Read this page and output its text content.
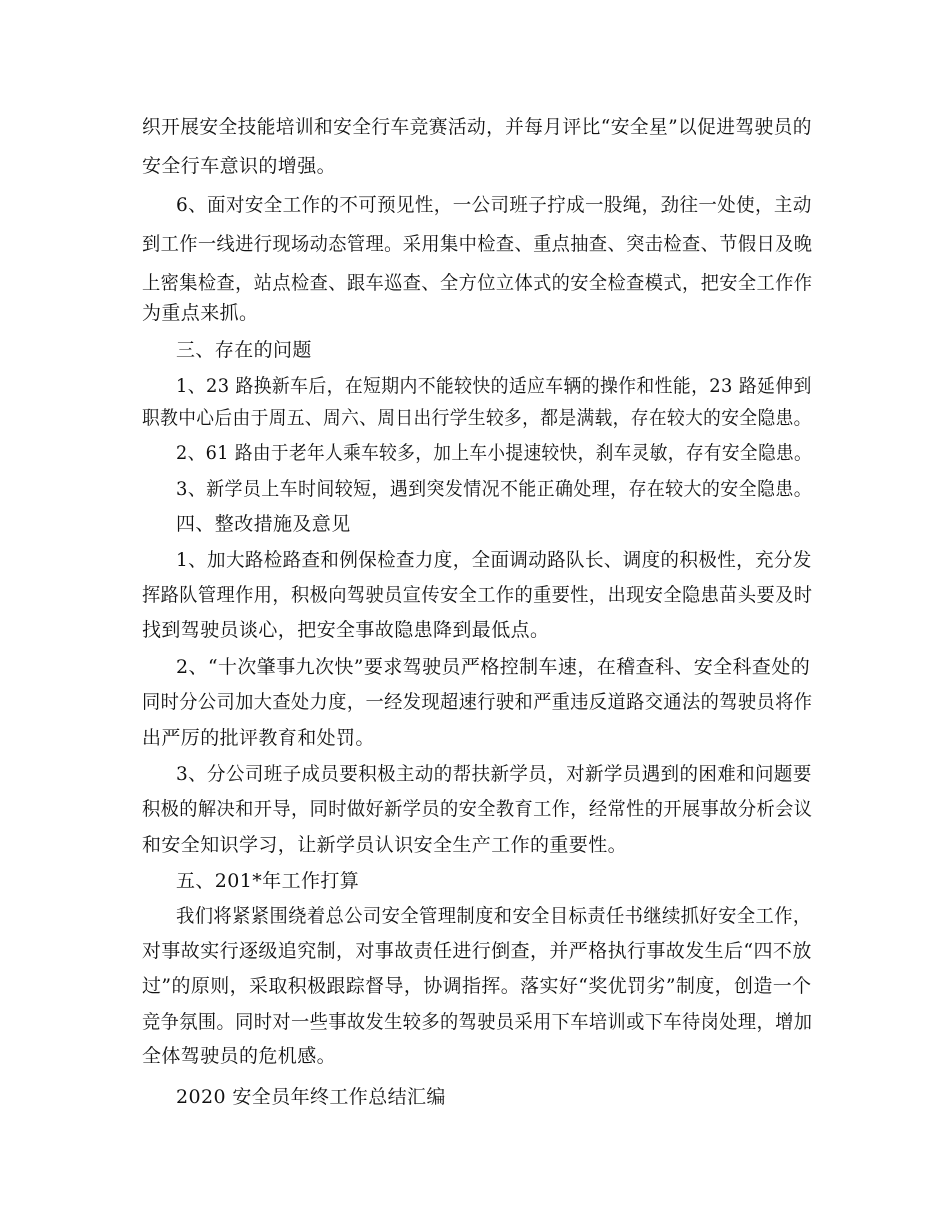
织开展安全技能培训和安全行车竞赛活动，并每月评比“安全星”以促进驾驶员的
安全行车意识的增强。
6、面对安全工作的不可预见性，一公司班子拧成一股绳，劲往一处使，主动
到工作一线进行现场动态管理。采用集中检查、重点抽查、突击检查、节假日及晚
上密集检查，站点检查、跟车巡查、全方位立体式的安全检查模式，把安全工作作
为重点来抓。
三、存在的问题
1、23 路换新车后，在短期内不能较快的适应车辆的操作和性能，23 路延伸到
职教中心后由于周五、周六、周日出行学生较多，都是满载，存在较大的安全隐患。
2、61 路由于老年人乘车较多，加上车小提速较快，刹车灵敏，存有安全隐患。
3、新学员上车时间较短，遇到突发情况不能正确处理，存在较大的安全隐患。
四、整改措施及意见
1、加大路检路查和例保检查力度，全面调动路队长、调度的积极性，充分发
挥路队管理作用，积极向驾驶员宣传安全工作的重要性，出现安全隐患苗头要及时
找到驾驶员谈心，把安全事故隐患降到最低点。
2、“十次肇事九次快”要求驾驶员严格控制车速，在稽查科、安全科查处的
同时分公司加大查处力度，一经发现超速行驶和严重违反道路交通法的驾驶员将作
出严厉的批评教育和处罚。
3、分公司班子成员要积极主动的帮扶新学员，对新学员遇到的困难和问题要
积极的解决和开导，同时做好新学员的安全教育工作，经常性的开展事故分析会议
和安全知识学习，让新学员认识安全生产工作的重要性。
五、201*年工作打算
我们将紧紧围绕着总公司安全管理制度和安全目标责任书继续抓好安全工作，
对事故实行逐级追究制，对事故责任进行倒查，并严格执行事故发生后“四不放
过”的原则，采取积极跟踪督导，协调指挥。落实好“奖优罚劣”制度，创造一个
竞争氛围。同时对一些事故发生较多的驾驶员采用下车培训或下车待岗处理，增加
全体驾驶员的危机感。
2020 安全员年终工作总结汇编
